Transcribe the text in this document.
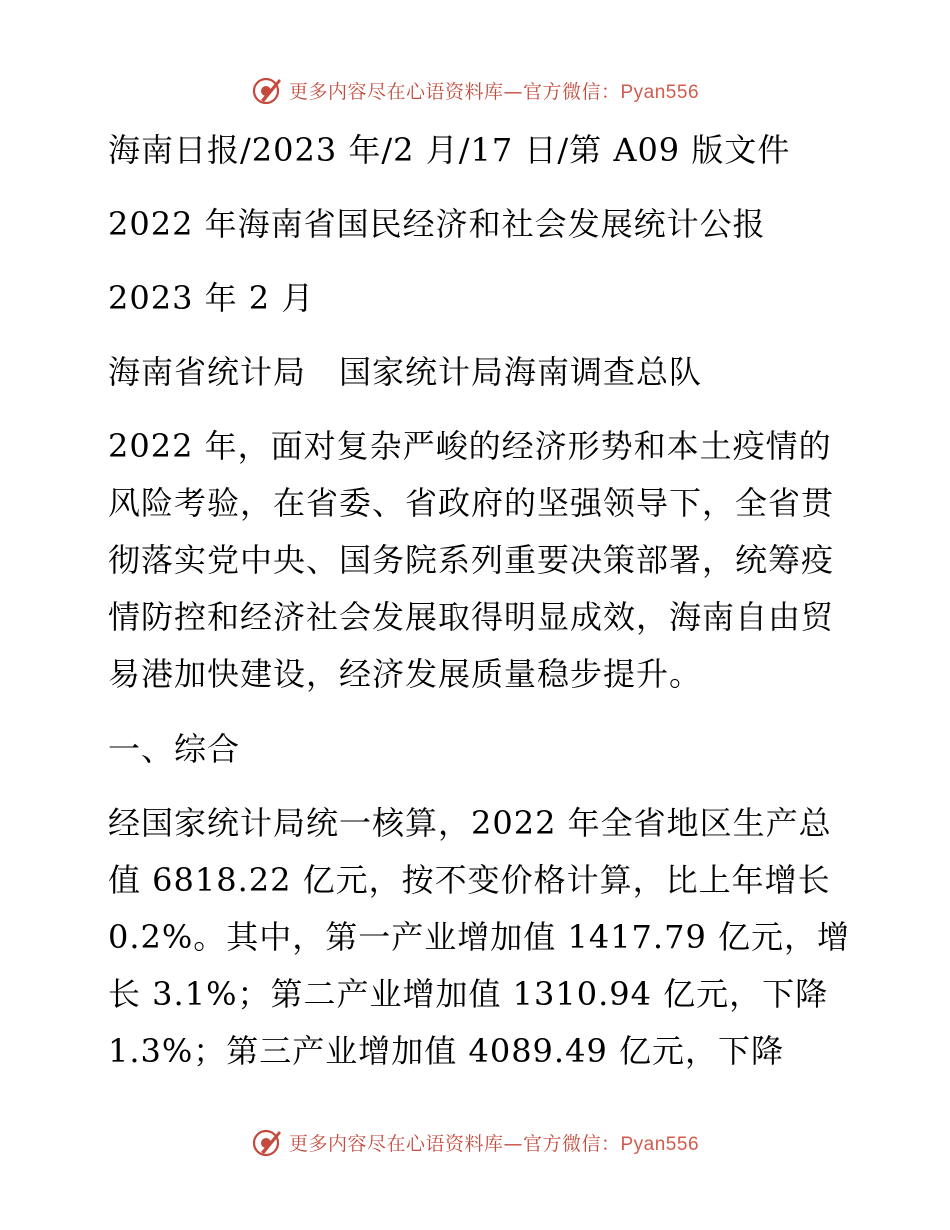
更多内容尽在心语资料库—官方微信：Pyan556
海南日报/2023 年/2 月/17 日/第 A09 版文件
2022 年海南省国民经济和社会发展统计公报
2023 年 2 月
海南省统计局　国家统计局海南调查总队
2022 年，面对复杂严峻的经济形势和本土疫情的
风险考验，在省委、省政府的坚强领导下，全省贯
彻落实党中央、国务院系列重要决策部署，统筹疫
情防控和经济社会发展取得明显成效，海南自由贸
易港加快建设，经济发展质量稳步提升。
一、综合
经国家统计局统一核算，2022 年全省地区生产总
值 6818.22 亿元，按不变价格计算，比上年增长
0.2%。其中，第一产业增加值 1417.79 亿元，增
长 3.1%；第二产业增加值 1310.94 亿元，下降
1.3%；第三产业增加值 4089.49 亿元，下降
更多内容尽在心语资料库—官方微信：Pyan556
